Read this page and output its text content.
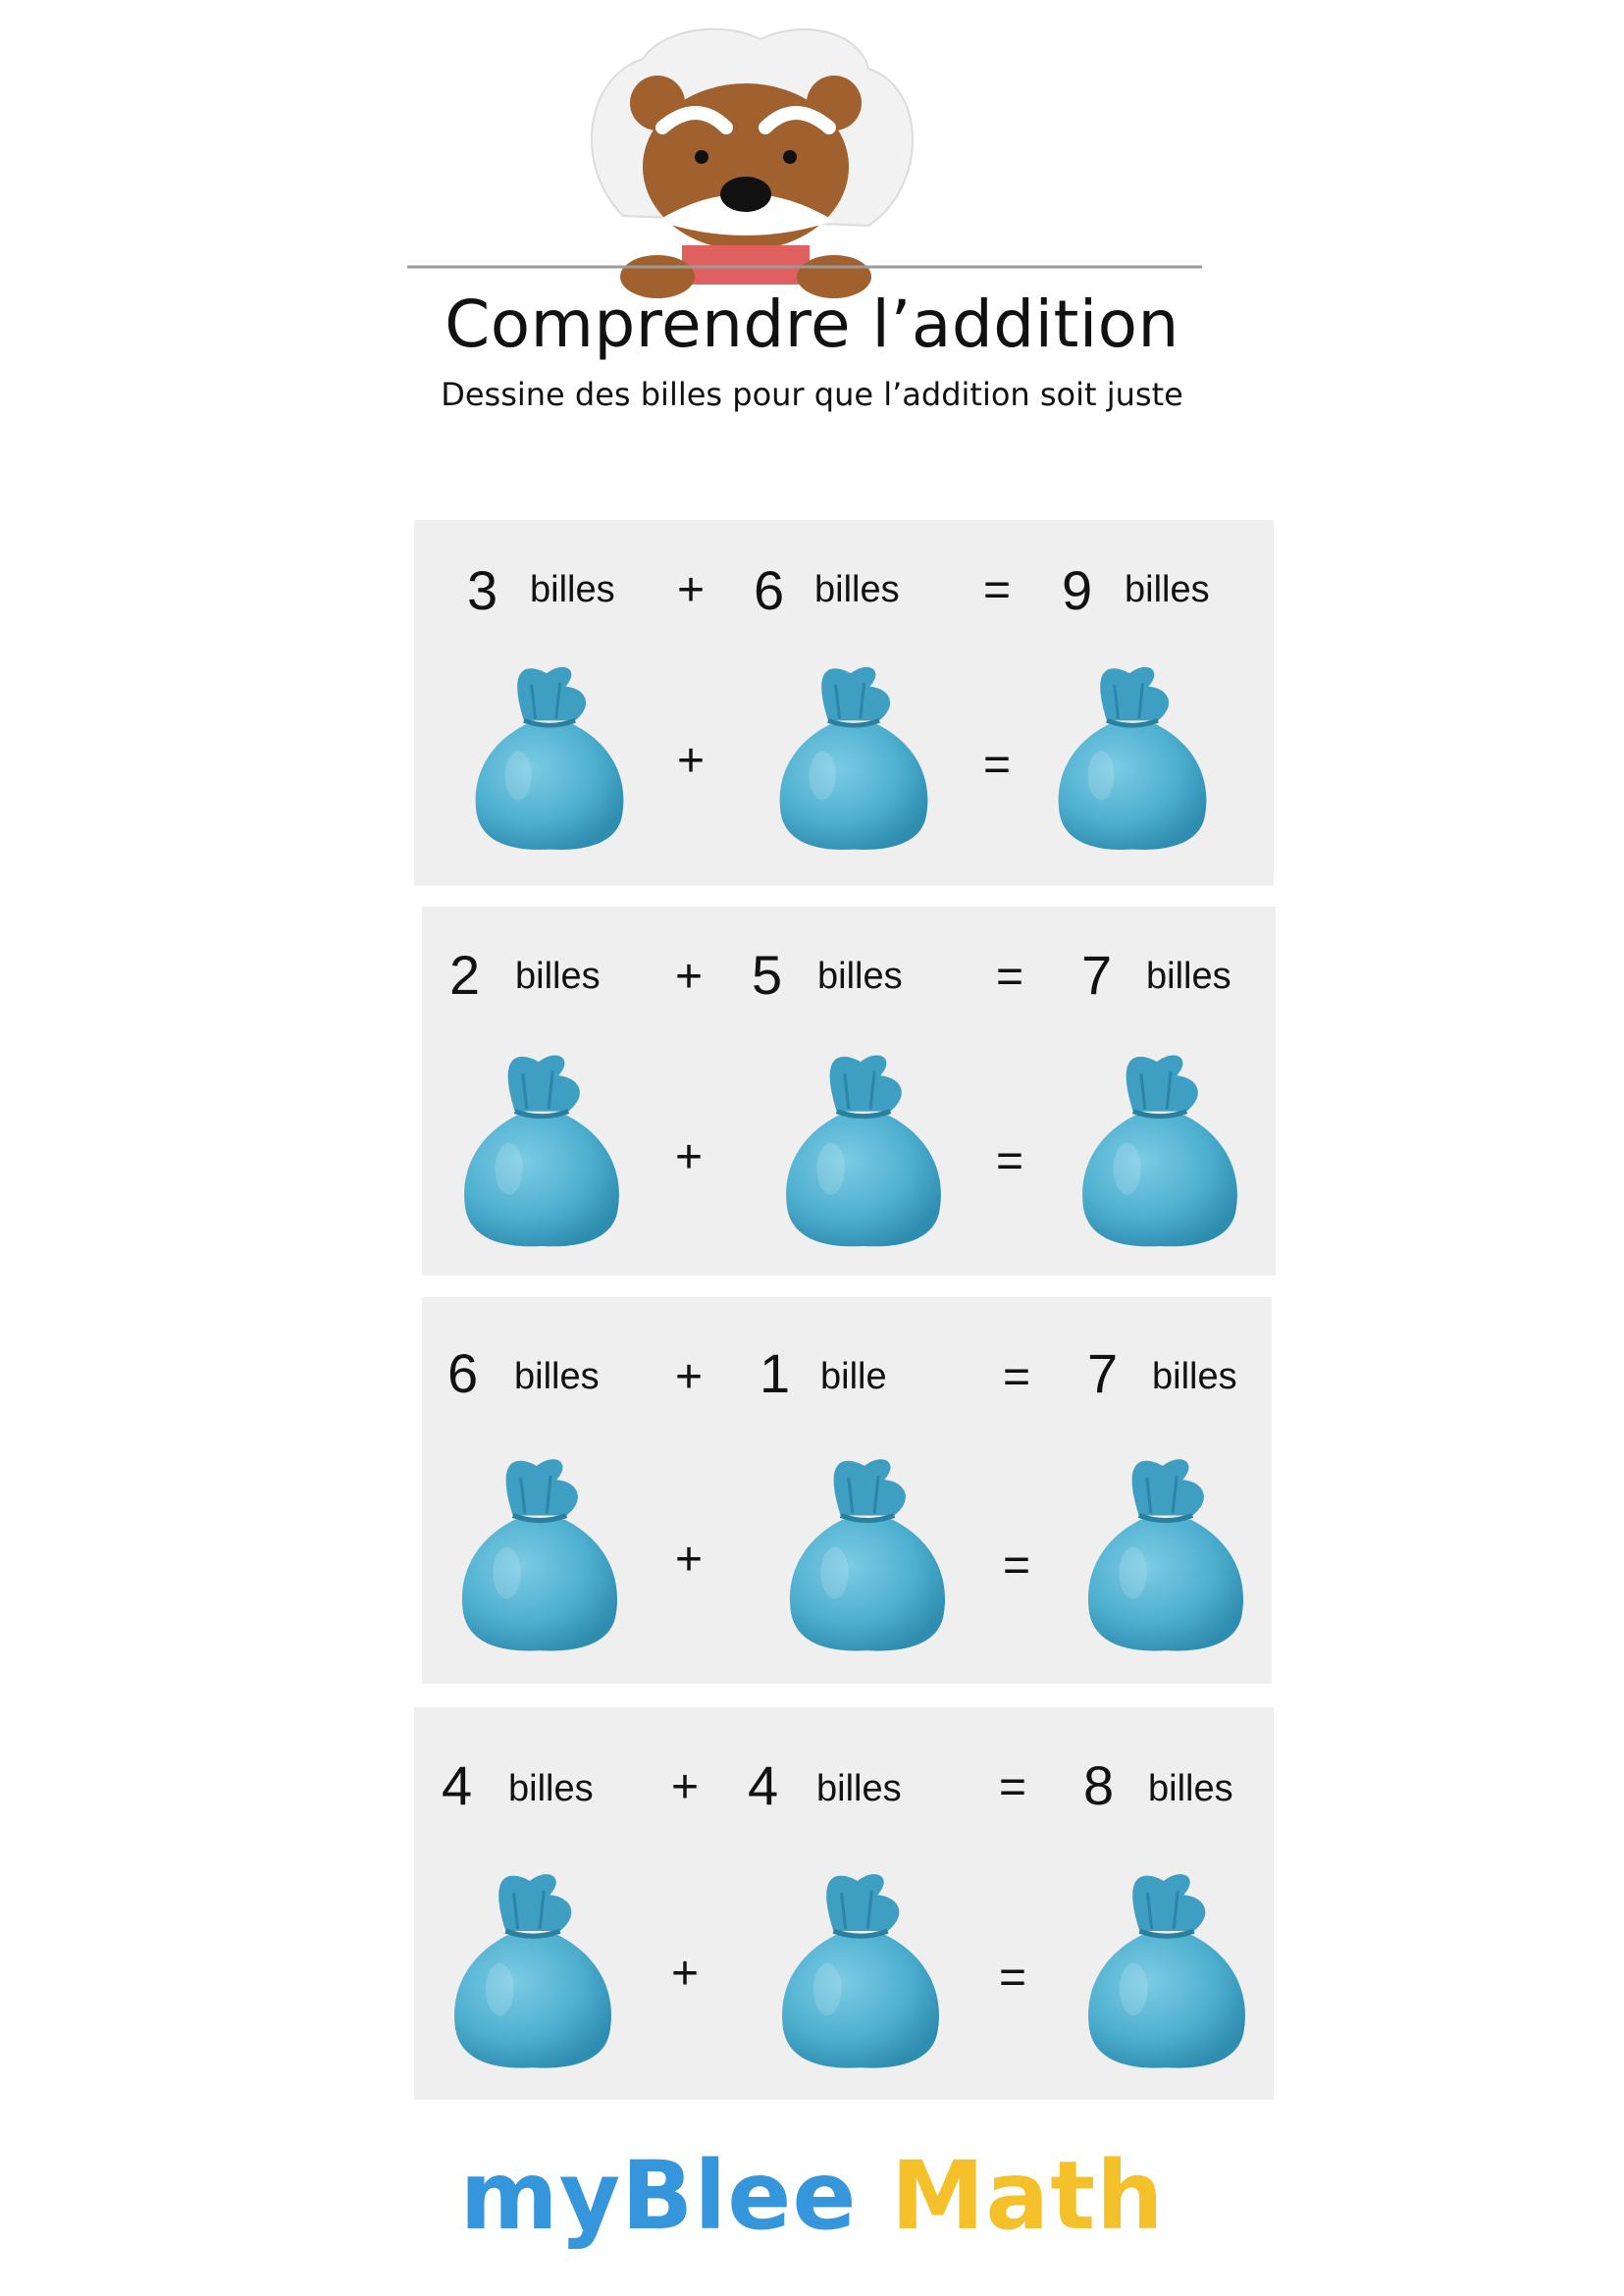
Comprendre l’addition
Dessine des billes pour que l’addition soit juste
3 billes + 6 billes = 9 billes
+	=
2 billes + 5 billes = 7 billes
+	=
6 billes + 1 bille = 7 billes
+	=
4 billes + 4 billes = 8 billes
+	=
myBlee Math
